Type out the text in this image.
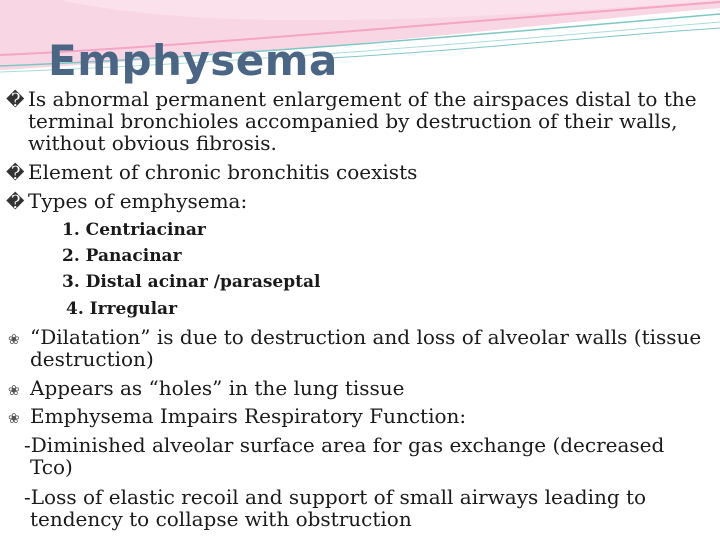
Emphysema
� Is abnormal permanent enlargement of the airspaces distal to the
terminal bronchioles accompanied by destruction of their walls,
without obvious fibrosis.
� Element of chronic bronchitis coexists
� Types of emphysema:
1. Centriacinar
2. Panacinar
3. Distal acinar /paraseptal
4. Irregular
❀ “Dilatation” is due to destruction and loss of alveolar walls (tissue
destruction)
❀ Appears as “holes” in the lung tissue
❀ Emphysema Impairs Respiratory Function:
-Diminished alveolar surface area for gas exchange (decreased
Tco)
-Loss of elastic recoil and support of small airways leading to
tendency to collapse with obstruction
